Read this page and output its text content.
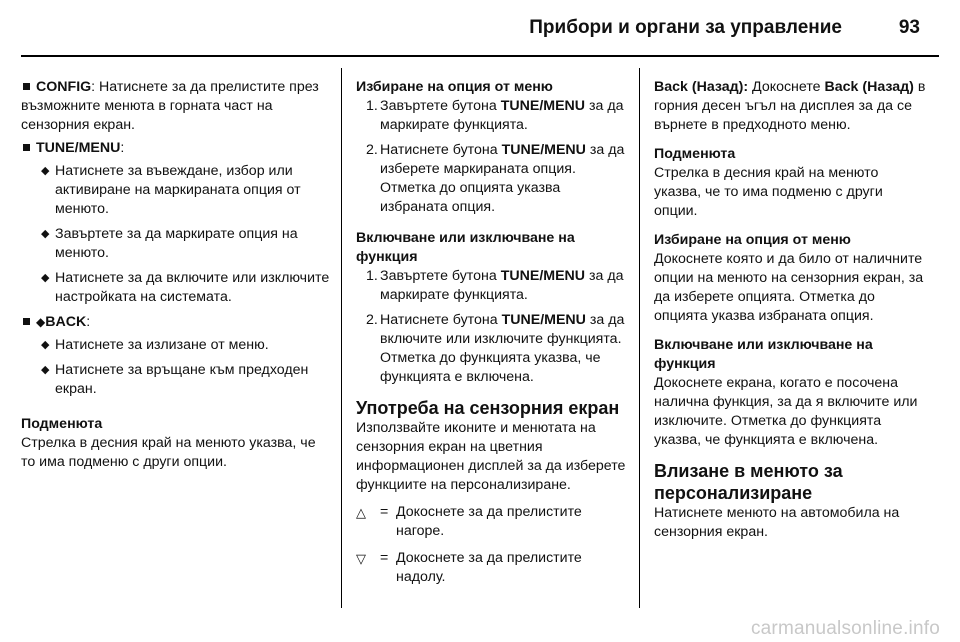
Прибори и органи за управление	93

CONFIG: Натиснете за да прелистите през възможните менюта в горната част на сензорния екран.

TUNE/MENU:

◆ Натиснете за въвеждане, избор или активиране на маркираната опция от менюто.

◆ Завъртете за да маркирате опция на менюто.

◆ Натиснете за да включите или изключите настройката на системата.

◆BACK:

◆ Натиснете за излизане от меню.

◆ Натиснете за връщане към предходен екран.

Подменюта

Стрелка в десния край на менюто указва, че то има подменю с други опции.

Избиране на опция от меню

1. Завъртете бутона TUNE/MENU за да маркирате функцията.

2. Натиснете бутона TUNE/MENU за да изберете маркираната опция. Отметка до опцията указва избраната опция.

Включване или изключване на функция

1. Завъртете бутона TUNE/MENU за да маркирате функцията.

2. Натиснете бутона TUNE/MENU за да включите или изключите функцията. Отметка до функцията указва, че функцията е включена.

Употреба на сензорния екран

Използвайте иконите и менютата на сензорния екран на цветния информационен дисплей за да изберете функциите на персонализиране.

△ = Докоснете за да прелистите нагоре.
▽ = Докоснете за да прелистите надолу.

Back (Назад): Докоснете Back (Назад) в горния десен ъгъл на дисплея за да се върнете в предходното меню.

Подменюта

Стрелка в десния край на менюто указва, че то има подменю с други опции.

Избиране на опция от меню

Докоснете която и да било от наличните опции на менюто на сензорния екран, за да изберете опцията. Отметка до опцията указва избраната опция.

Включване или изключване на функция

Докоснете екрана, когато е посочена налична функция, за да я включите или изключите. Отметка до функцията указва, че функцията е включена.

Влизане в менюто за персонализиране

Натиснете менюто на автомобила на сензорния екран.

carmanualsonline.info
